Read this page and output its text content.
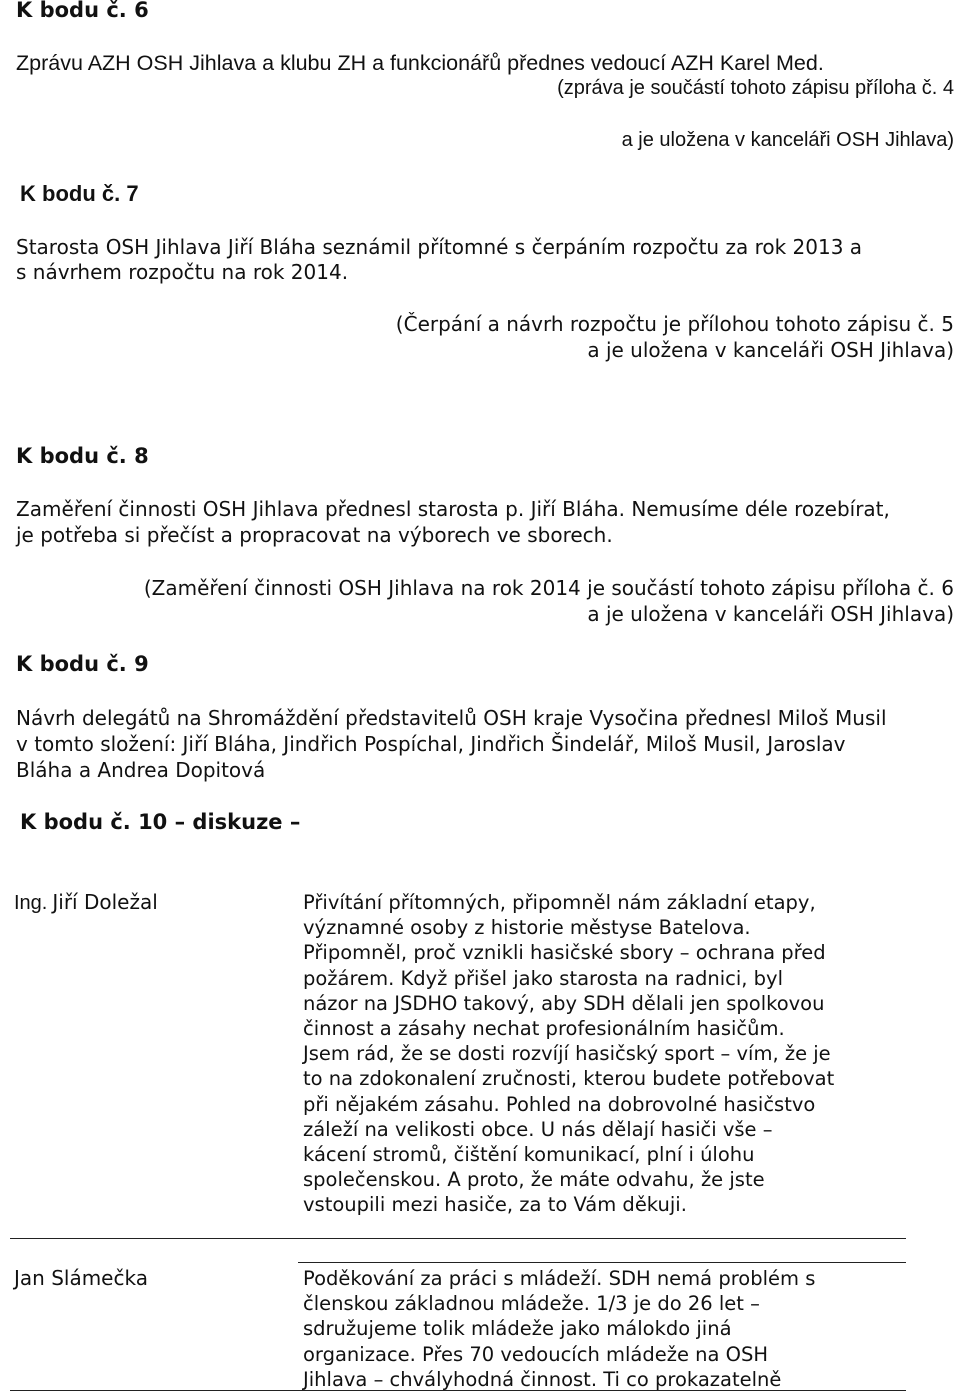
K bodu č. 6
Zprávu AZH OSH Jihlava a klubu ZH a funkcionářů přednes vedoucí AZH Karel Med.
(zpráva je součástí tohoto zápisu příloha č. 4
a je uložena v kanceláři OSH Jihlava)
K bodu č. 7
Starosta OSH Jihlava Jiří Bláha seznámil přítomné s čerpáním rozpočtu za rok 2013 a
s návrhem rozpočtu na rok 2014.
(Čerpání a návrh rozpočtu je přílohou tohoto zápisu č. 5
a je uložena v kanceláři OSH Jihlava)
K bodu č. 8
Zaměření činnosti OSH Jihlava přednesl starosta p. Jiří Bláha. Nemusíme déle rozebírat,
je potřeba si přečíst a propracovat na výborech ve sborech.
(Zaměření činnosti OSH Jihlava na rok 2014 je součástí tohoto zápisu příloha č. 6
a je uložena v kanceláři OSH Jihlava)
K bodu č. 9
Návrh delegátů na Shromáždění představitelů OSH kraje Vysočina přednesl Miloš Musil
v tomto složení: Jiří Bláha, Jindřich Pospíchal, Jindřich Šindelář, Miloš Musil, Jaroslav
Bláha a Andrea Dopitová
K bodu č. 10 – diskuze –
Ing. Jiří Doležal	Přivítání přítomných, připomněl nám základní etapy,
významné osoby z historie městyse Batelova.
Připomněl, proč vznikli hasičské sbory – ochrana před
požárem. Když přišel jako starosta na radnici, byl
názor na JSDHO takový, aby SDH dělali jen spolkovou
činnost a zásahy nechat profesionálním hasičům.
Jsem rád, že se dosti rozvíjí hasičský sport – vím, že je
to na zdokonalení zručnosti, kterou budete potřebovat
při nějakém zásahu. Pohled na dobrovolné hasičstvo
záleží na velikosti obce. U nás dělají hasiči vše –
kácení stromů, čištění komunikací, plní i úlohu
společenskou. A proto, že máte odvahu, že jste
vstoupili mezi hasiče, za to Vám děkuji.
Jan Slámečka	Poděkování za práci s mládeží. SDH nemá problém s
členskou základnou mládeže. 1/3 je do 26 let –
sdružujeme tolik mládeže jako málokdo jiná
organizace. Přes 70 vedoucích mládeže na OSH
Jihlava – chvályhodná činnost. Ti co prokazatelně
